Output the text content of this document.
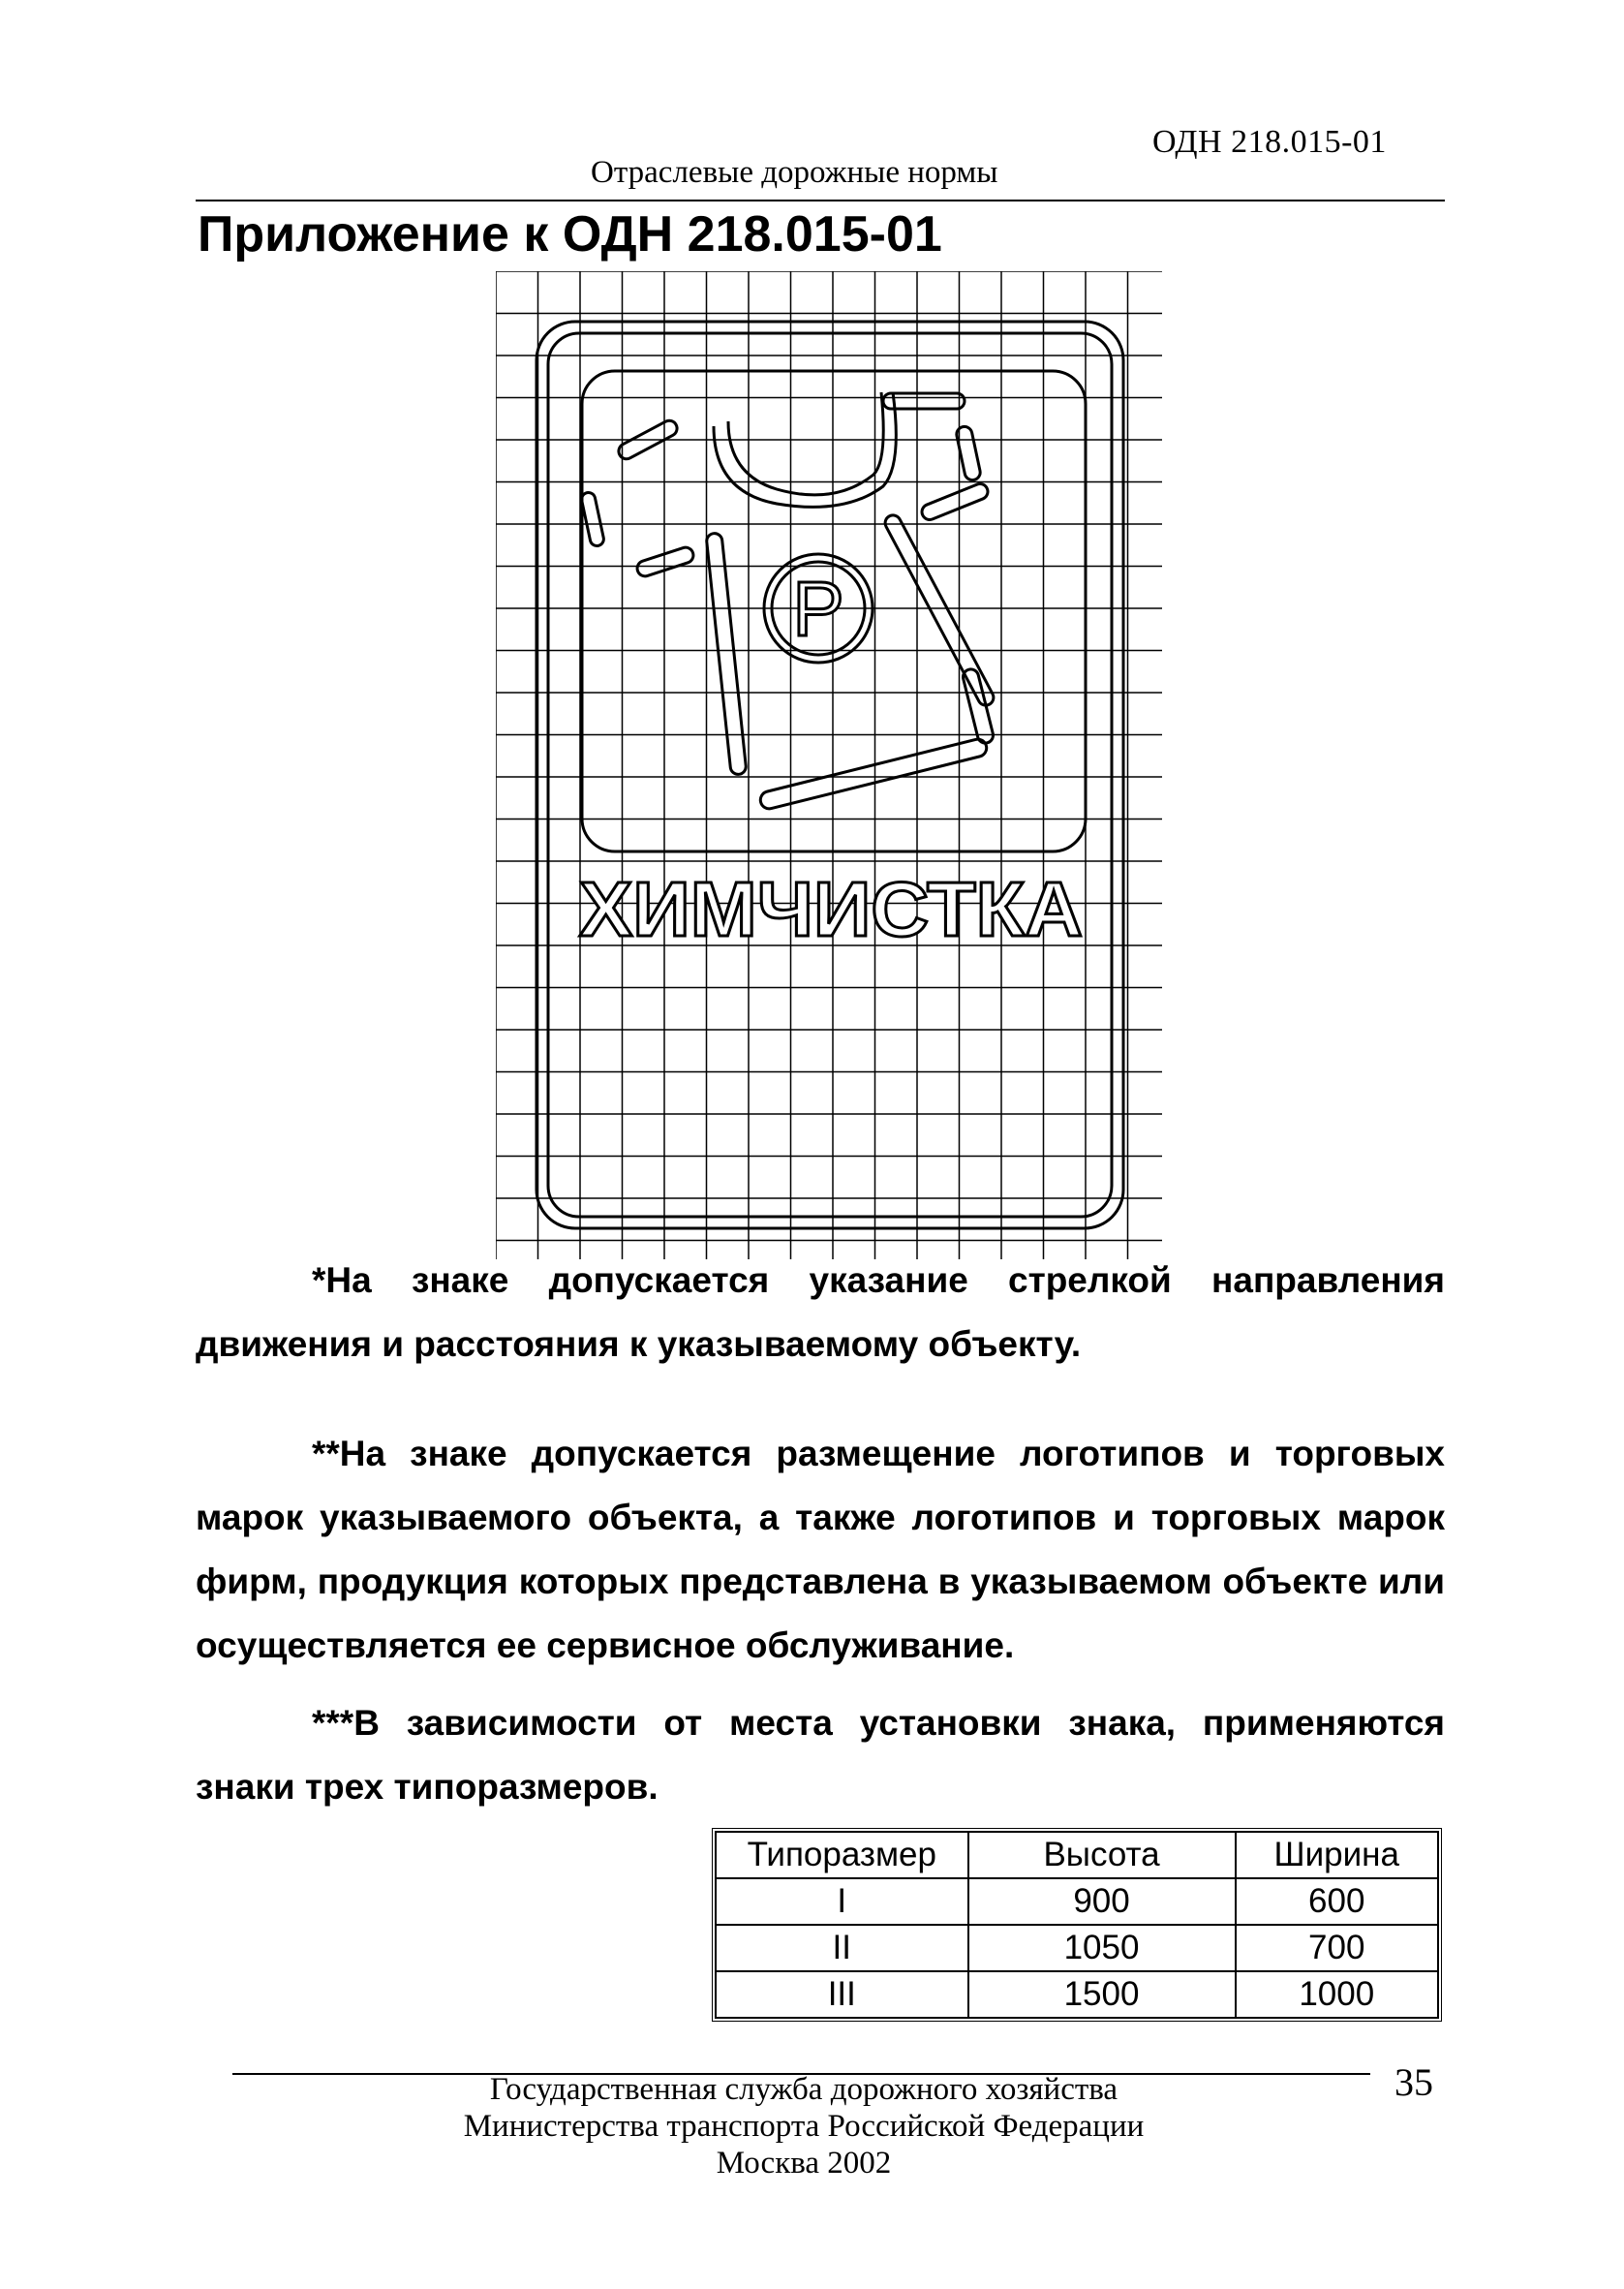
ОДН 218.015-01
Отраслевые дорожные нормы
Приложение к ОДН 218.015-01
P
ХИМЧИСТКА

*На знаке допускается указание стрелкой направления движения и расстояния к указываемому объекту.

**На знаке допускается размещение логотипов и торговых марок указываемого объекта, а также логотипов и торговых марок фирм, продукция которых представлена в указываемом объекте или осуществляется ее сервисное обслуживание.

***В зависимости от места установки знака, применяются знаки трех типоразмеров.

Типоразмер	Высота	Ширина
I	900	600
II	1050	700
III	1500	1000
Государственная служба дорожного хозяйства
Министерства транспорта Российской Федерации
Москва 2002
35
